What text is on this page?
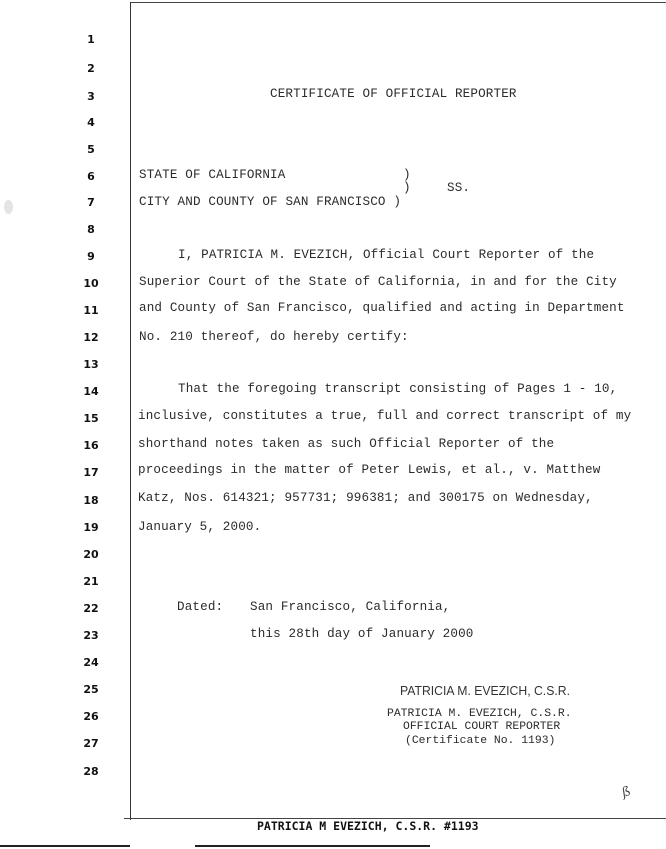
1
2
3
4
5
6
7
8
9
10
11
12
13
14
15
16
17
18
19
20
21
22
23
24
25
26
27
28
CERTIFICATE OF OFFICIAL REPORTER
STATE OF CALIFORNIA	)
)	SS.
CITY AND COUNTY OF SAN FRANCISCO )
I, PATRICIA M. EVEZICH, Official Court Reporter of the
Superior Court of the State of California, in and for the City
and County of San Francisco, qualified and acting in Department
No. 210 thereof, do hereby certify:
That the foregoing transcript consisting of Pages 1 - 10,
inclusive, constitutes a true, full and correct transcript of my
shorthand notes taken as such Official Reporter of the
proceedings in the matter of Peter Lewis, et al., v. Matthew
Katz, Nos. 614321; 957731; 996381; and 300175 on Wednesday,
January 5, 2000.
Dated: San Francisco, California,
this 28th day of January 2000
PATRICIA M. EVEZICH, C.S.R.
PATRICIA M. EVEZICH, C.S.R.
OFFICIAL COURT REPORTER
(Certificate No. 1193)
ß
PATRICIA M EVEZICH, C.S.R. #1193
